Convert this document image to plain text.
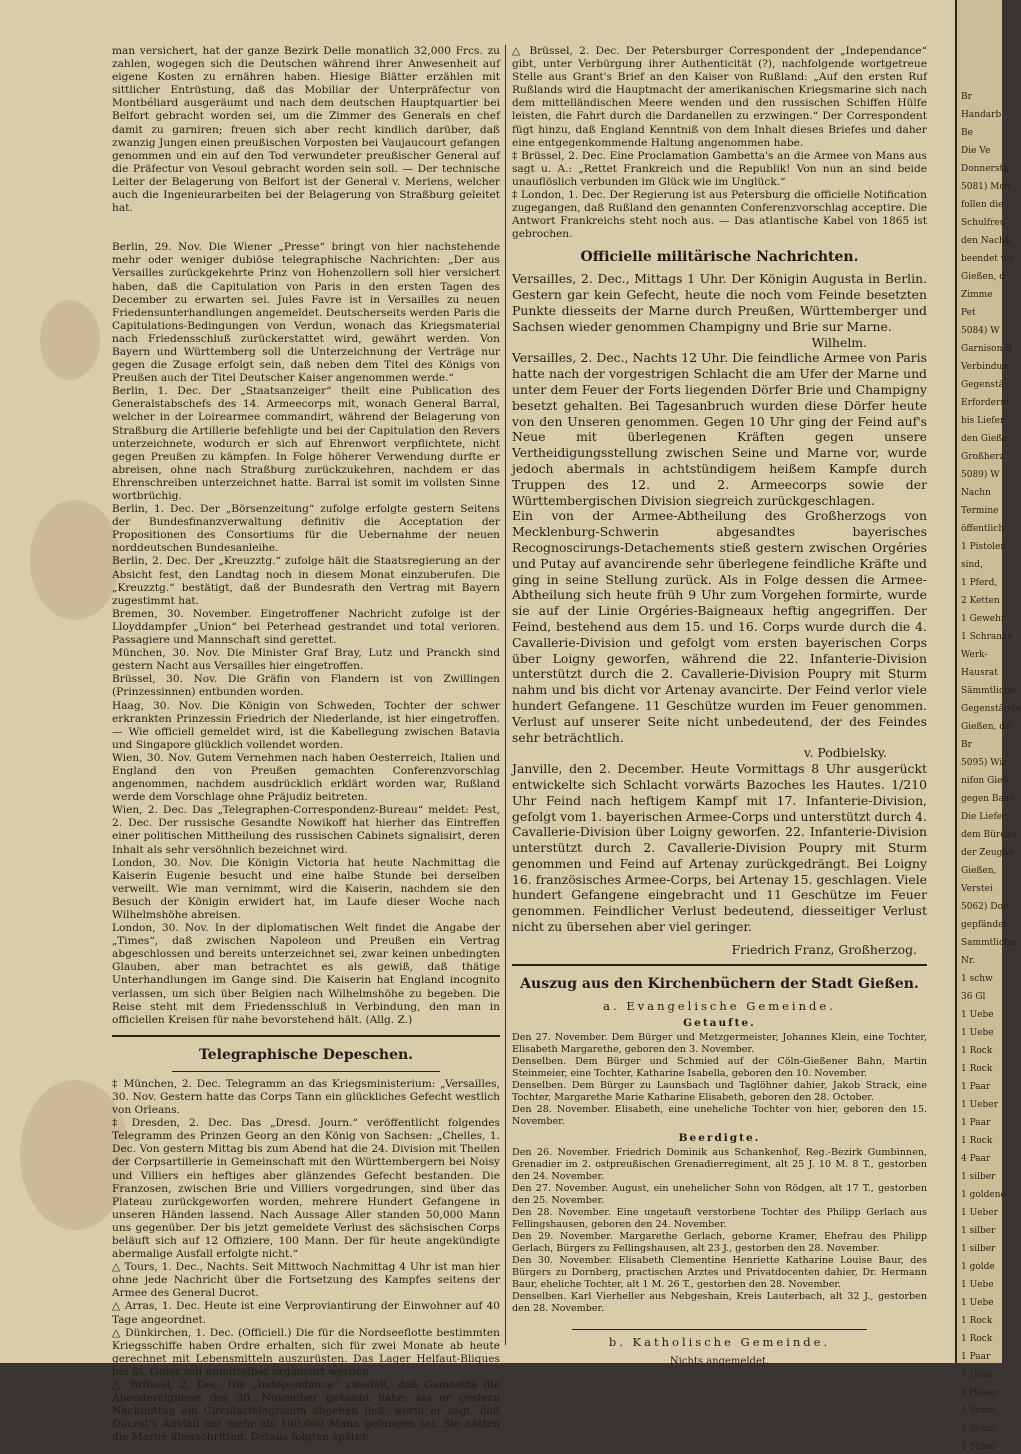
man versichert, hat der ganze Bezirk Delle monatlich 32,000 Frcs. zu zahlen, wogegen sich die Deutschen während ihrer Anwesenheit auf eigene Kosten zu ernähren haben. Hiesige Blätter erzählen mit sittlicher Entrüstung, daß das Mobiliar der Unterpräfectur von Montbéliard ausgeräumt und nach dem deutschen Hauptquartier bei Belfort gebracht worden sei, um die Zimmer des Generals en chef damit zu garniren; freuen sich aber recht kindlich darüber, daß zwanzig Jungen einen preußischen Vorposten bei Vaujaucourt gefangen genommen und ein auf den Tod verwundeter preußischer General auf die Präfectur von Vesoul gebracht worden sein soll. — Der technische Leiter der Belagerung von Belfort ist der General v. Meriens, welcher auch die Ingenieurarbeiten bei der Belagerung von Straßburg geleitet hat.

Berlin, 29. Nov. Die Wiener „Presse“ bringt von hier nachstehende mehr oder weniger dubiöse telegraphische Nachrichten: „Der aus Versailles zurückgekehrte Prinz von Hohenzollern soll hier versichert haben, daß die Capitulation von Paris in den ersten Tagen des December zu erwarten sei. Jules Favre ist in Versailles zu neuen Friedensunterhandlungen angemeldet. Deutscherseits werden Paris die Capitulations-Bedingungen von Verdun, wonach das Kriegsmaterial nach Friedensschluß zurückerstattet wird, gewährt werden. Von Bayern und Württemberg soll die Unterzeichnung der Verträge nur gegen die Zusage erfolgt sein, daß neben dem Titel des Königs von Preußen auch der Titel Deutscher Kaiser angenommen werde.“

Berlin, 1. Dec. Der „Staatsanzeiger“ theilt eine Publication des Generalstabschefs des 14. Armeecorps mit, wonach General Barral, welcher in der Loirearmee commandirt, während der Belagerung von Straßburg die Artillerie befehligte und bei der Capitulation den Revers unterzeichnete, wodurch er sich auf Ehrenwort verpflichtete, nicht gegen Preußen zu kämpfen. In Folge höherer Verwendung durfte er abreisen, ohne nach Straßburg zurückzukehren, nachdem er das Ehrenschreiben unterzeichnet hatte. Barral ist somit im vollsten Sinne wortbrüchig.

Berlin, 1. Dec. Der „Börsenzeitung“ zufolge erfolgte gestern Seitens der Bundesfinanzverwaltung definitiv die Acceptation der Propositionen des Consortiums für die Uebernahme der neuen norddeutschen Bundesanleihe.

Berlin, 2. Dec. Der „Kreuzztg.“ zufolge hält die Staatsregierung an der Absicht fest, den Landtag noch in diesem Monat einzuberufen. Die „Kreuzztg.“ bestätigt, daß der Bundesrath den Vertrag mit Bayern zugestimmt hat.

Bremen, 30. November. Eingetroffener Nachricht zufolge ist der Lloyddampfer „Union“ bei Peterhead gestrandet und total verloren. Passagiere und Mannschaft sind gerettet.

München, 30. Nov. Die Minister Graf Bray, Lutz und Pranckh sind gestern Nacht aus Versailles hier eingetroffen.

Brüssel, 30. Nov. Die Gräfin von Flandern ist von Zwillingen (Prinzessinnen) entbunden worden.

Haag, 30. Nov. Die Königin von Schweden, Tochter der schwer erkrankten Prinzessin Friedrich der Niederlande, ist hier eingetroffen. — Wie officiell gemeldet wird, ist die Kabellegung zwischen Batavia und Singapore glücklich vollendet worden.

Wien, 30. Nov. Gutem Vernehmen nach haben Oesterreich, Italien und England den von Preußen gemachten Conferenzvorschlag angenommen, nachdem ausdrücklich erklärt worden war, Rußland werde dem Vorschlage ohne Präjudiz beitreten.

Wien, 2. Dec. Das „Telegraphen-Correspondenz-Bureau“ meldet: Pest, 2. Dec. Der russische Gesandte Nowikoff hat hierher das Eintreffen einer politischen Mittheilung des russischen Cabinets signalisirt, deren Inhalt als sehr versöhnlich bezeichnet wird.

London, 30. Nov. Die Königin Victoria hat heute Nachmittag die Kaiserin Eugenie besucht und eine halbe Stunde bei derselben verweilt. Wie man vernimmt, wird die Kaiserin, nachdem sie den Besuch der Königin erwidert hat, im Laufe dieser Woche nach Wilhelmshöhe abreisen.

London, 30. Nov. In der diplomatischen Welt findet die Angabe der „Times“, daß zwischen Napoleon und Preußen ein Vertrag abgeschlossen und bereits unterzeichnet sei, zwar keinen unbedingten Glauben, aber man betrachtet es als gewiß, daß thätige Unterhandlungen im Gange sind. Die Kaiserin hat England incognito verlassen, um sich über Belgien nach Wilhelmshöhe zu begeben. Die Reise steht mit dem Friedensschluß in Verbindung, den man in officiellen Kreisen für nahe bevorstehend hält. (Allg. Z.)

Telegraphische Depeschen.

‡ München, 2. Dec. Telegramm an das Kriegsministerium: „Versailles, 30. Nov. Gestern hatte das Corps Tann ein glückliches Gefecht westlich von Orleans.

‡ Dresden, 2. Dec. Das „Dresd. Journ.“ veröffentlicht folgendes Telegramm des Prinzen Georg an den König von Sachsen: „Chelles, 1. Dec. Von gestern Mittag bis zum Abend hat die 24. Division mit Theilen der Corpsartillerie in Gemeinschaft mit den Württembergern bei Noisy und Villiers ein heftiges aber glänzendes Gefecht bestanden. Die Franzosen, zwischen Brie und Villiers vorgedrungen, sind über das Plateau zurückgeworfen worden, mehrere Hundert Gefangene in unseren Händen lassend. Nach Aussage Aller standen 50,000 Mann uns gegenüber. Der bis jetzt gemeldete Verlust des sächsischen Corps beläuft sich auf 12 Offiziere, 100 Mann. Der für heute angekündigte abermalige Ausfall erfolgte nicht.“

△ Tours, 1. Dec., Nachts. Seit Mittwoch Nachmittag 4 Uhr ist man hier ohne jede Nachricht über die Fortsetzung des Kampfes seitens der Armee des General Ducrot.

△ Arras, 1. Dec. Heute ist eine Verproviantirung der Einwohner auf 40 Tage angeordnet.

△ Dünkirchen, 1. Dec. (Officiell.) Die für die Nordseeflotte bestimmten Kriegsschiffe haben Ordre erhalten, sich für zwei Monate ab heute gerechnet mit Lebensmitteln auszurüsten. Das Lager Helfaut-Bliques bei St. Omer soll unmittelbar organisirt werden.

△ Brüssel, 2. Dec. Die „Independance“ zweifelt, daß Gambetta die Abendereignisse des 30. November gekannt habe, als er gestern Nachmittag ein Circulartelegramm abgehen ließ, worin er sagt, daß Ducrot's Ausfall mit mehr als 100,000 Mann gelungen sei. Sie hätten die Marne überschritten. Details folgten später.

△ Brüssel, 2. Dec. Der Petersburger Correspondent der „Independance“ gibt, unter Verbürgung ihrer Authenticität (?), nachfolgende wortgetreue Stelle aus Grant's Brief an den Kaiser von Rußland: „Auf den ersten Ruf Rußlands wird die Hauptmacht der amerikanischen Kriegsmarine sich nach dem mittelländischen Meere wenden und den russischen Schiffen Hülfe leisten, die Fahrt durch die Dardanellen zu erzwingen.“ Der Correspondent fügt hinzu, daß England Kenntniß von dem Inhalt dieses Briefes und daher eine entgegenkommende Haltung angenommen habe.

‡ Brüssel, 2. Dec. Eine Proclamation Gambetta's an die Armee von Mans aus sagt u. A.: „Rettet Frankreich und die Republik! Von nun an sind beide unauflöslich verbunden im Glück wie im Unglück.“

‡ London, 1. Dec. Der Regierung ist aus Petersburg die officielle Notification zugegangen, daß Rußland den genannten Conferenzvorschlag acceptire. Die Antwort Frankreichs steht noch aus. — Das atlantische Kabel von 1865 ist gebrochen.

Officielle militärische Nachrichten.

Versailles, 2. Dec., Mittags 1 Uhr. Der Königin Augusta in Berlin. Gestern gar kein Gefecht, heute die noch vom Feinde besetzten Punkte diesseits der Marne durch Preußen, Württemberger und Sachsen wieder genommen Champigny und Brie sur Marne.

Wilhelm.

Versailles, 2. Dec., Nachts 12 Uhr. Die feindliche Armee von Paris hatte nach der vorgestrigen Schlacht die am Ufer der Marne und unter dem Feuer der Forts liegenden Dörfer Brie und Champigny besetzt gehalten. Bei Tagesanbruch wurden diese Dörfer heute von den Unseren genommen. Gegen 10 Uhr ging der Feind auf's Neue mit überlegenen Kräften gegen unsere Vertheidigungsstellung zwischen Seine und Marne vor, wurde jedoch abermals in achtstündigem heißem Kampfe durch Truppen des 12. und 2. Armeecorps sowie der Württembergischen Division siegreich zurückgeschlagen.

Ein von der Armee-Abtheilung des Großherzogs von Mecklenburg-Schwerin abgesandtes bayerisches Recognoscirungs-Detachements stieß gestern zwischen Orgéries und Putay auf avancirende sehr überlegene feindliche Kräfte und ging in seine Stellung zurück. Als in Folge dessen die Armee-Abtheilung sich heute früh 9 Uhr zum Vorgehen formirte, wurde sie auf der Linie Orgéries-Baigneaux heftig angegriffen. Der Feind, bestehend aus dem 15. und 16. Corps wurde durch die 4. Cavallerie-Division und gefolgt vom ersten bayerischen Corps über Loigny geworfen, während die 22. Infanterie-Division unterstützt durch die 2. Cavallerie-Division Poupry mit Sturm nahm und bis dicht vor Artenay avancirte. Der Feind verlor viele hundert Gefangene. 11 Geschütze wurden im Feuer genommen. Verlust auf unserer Seite nicht unbedeutend, der des Feindes sehr beträchtlich.

v. Podbielsky.

Janville, den 2. December. Heute Vormittags 8 Uhr ausgerückt entwickelte sich Schlacht vorwärts Bazoches les Hautes. 1/210 Uhr Feind nach heftigem Kampf mit 17. Infanterie-Division, gefolgt vom 1. bayerischen Armee-Corps und unterstützt durch 4. Cavallerie-Division über Loigny geworfen. 22. Infanterie-Division unterstützt durch 2. Cavallerie-Division Poupry mit Sturm genommen und Feind auf Artenay zurückgedrängt. Bei Loigny 16. französisches Armee-Corps, bei Artenay 15. geschlagen. Viele hundert Gefangene eingebracht und 11 Geschütze im Feuer genommen. Feindlicher Verlust bedeutend, diesseitiger Verlust nicht zu übersehen aber viel geringer.

Friedrich Franz, Großherzog.

Auszug aus den Kirchenbüchern der Stadt Gießen.
a. Evangelische Gemeinde.
Getaufte.

Den 27. November. Dem Bürger und Metzgermeister, Johannes Klein, eine Tochter, Elisabeth Margarethe, geboren den 3. November.

Denselben. Dem Bürger und Schmied auf der Cöln-Gießener Bahn, Martin Steinmeier, eine Tochter, Katharine Isabella, geboren den 10. November.

Denselben. Dem Bürger zu Launsbach und Taglöhner dahier, Jakob Strack, eine Tochter, Margarethe Marie Katharine Elisabeth, geboren den 28. October.

Den 28. November. Elisabeth, eine uneheliche Tochter von hier, geboren den 15. November.

Beerdigte.

Den 26. November. Friedrich Dominik aus Schankenhof, Reg.-Bezirk Gumbinnen, Grenadier im 2. ostpreußischen Grenadierregiment, alt 25 J. 10 M. 8 T., gestorben den 24. November.

Den 27. November. August, ein unehelicher Sohn von Rödgen, alt 17 T., gestorben den 25. November.

Den 28. November. Eine ungetauft verstorbene Tochter des Philipp Gerlach aus Fellingshausen, geboren den 24. November.

Den 29. November. Margarethe Gerlach, geborne Kramer, Ehefrau des Philipp Gerlach, Bürgers zu Fellingshausen, alt 23 J., gestorben den 28. November.

Den 30. November. Elisabeth Clementine Henriette Katharine Louise Baur, des Bürgers zu Dornberg, practischen Arztes und Privatdocenten dahier, Dr. Hermann Baur, eheliche Tochter, alt 1 M. 26 T., gestorben den 28. November.

Denselben. Karl Vierheller aus Nebgeshain, Kreis Lauterbach, alt 32 J., gestorben den 28. November.

b. Katholische Gemeinde.
Nichts angemeldet.
Br
Handarb
Be
Die Ve
Donnersta
5081) Mon
follen die
Schulfreu
den Nachb
beendet we
Gießen, d
Zimme
Pet
5084) W
Garnison-B
Verbindun
Gegenstä
Erforderni
bis Liefer
den Gieße
Großherz
5089) W
Nachn
Termine
öffentlich
1 Pistolen
sind,
1 Pferd,
2 Ketten
1 Gewehr
1 Schranke
Werk-
Hausrat
Sämmtliche
Gegenstände
Gießen, de
Br
5095) Wir
nifon Gieß
gegen Baar
Die Liefer
dem Büreau
der Zeugho
Gießen,
Verstei
5062) Don
gepfändet
Sammtliche
Nr.
1 schw
36 Gl
1 Uebe
1 Uebe
1 Rock
1 Rock
1 Paar
1 Ueber
1 Paar
1 Rock
4 Paar
1 silber
1 goldene
1 Ueber
1 silber
1 silber
1 golde
1 Uebe
1 Uebe
1 Rock
1 Rock
1 Paar
1 Uebe
1 Heber
1 Schm
1 Schm
1 Schm
